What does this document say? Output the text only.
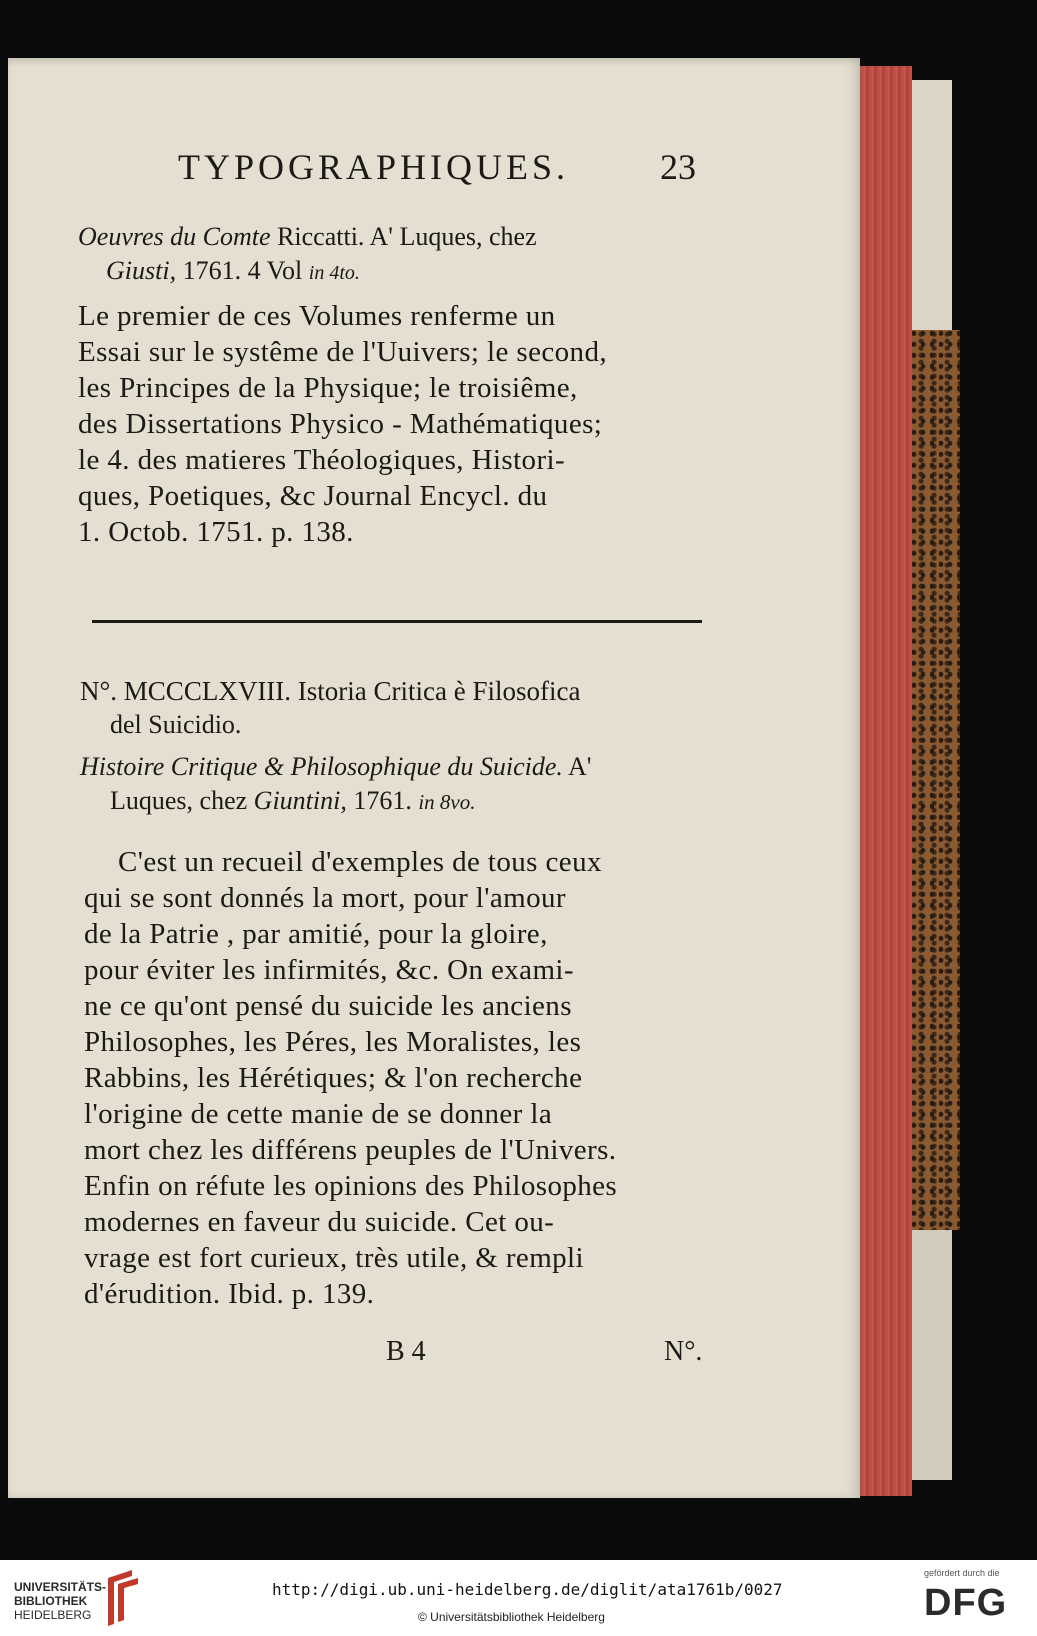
TYPOGRAPHIQUES.	23
Oeuvres du Comte Riccatti. A' Luques, chez
Giusti, 1761. 4 Vol in 4to.
Le premier de ces Volumes renferme un
Essai sur le systême de l'Uuivers; le second,
les Principes de la Physique; le troisiême,
des Dissertations Physico - Mathématiques;
le 4. des matieres Théologiques, Histori-
ques, Poetiques, &c Journal Encycl. du
1. Octob. 1751. p. 138.
N°. MCCCLXVIII. Istoria Critica è Filosofica
del Suicidio.
Histoire Critique & Philosophique du Suicide. A'
Luques, chez Giuntini, 1761. in 8vo.
C'est un recueil d'exemples de tous ceux
qui se sont donnés la mort, pour l'amour
de la Patrie , par amitié, pour la gloire,
pour éviter les infirmités, &c. On exami-
ne ce qu'ont pensé du suicide les anciens
Philosophes, les Péres, les Moralistes, les
Rabbins, les Hérétiques; & l'on recherche
l'origine de cette manie de se donner la
mort chez les différens peuples de l'Univers.
Enfin on réfute les opinions des Philosophes
modernes en faveur du suicide. Cet ou-
vrage est fort curieux, très utile, & rempli
d'érudition. Ibid. p. 139.
B 4	N°.
UNIVERSITÄTS-
BIBLIOTHEK
HEIDELBERG
http://digi.ub.uni-heidelberg.de/diglit/ata1761b/0027
© Universitätsbibliothek Heidelberg
gefördert durch die
DFG
